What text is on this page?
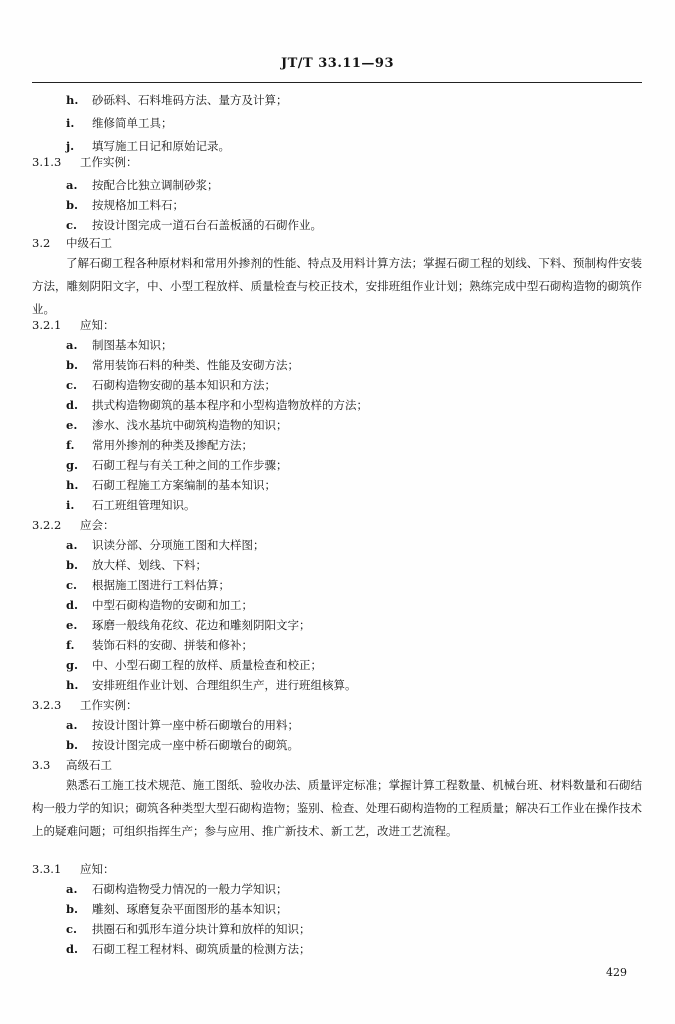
JT/T 33.11—93
h. 砂砾料、石料堆码方法、量方及计算；
i. 维修简单工具；
j. 填写施工日记和原始记录。
3.1.3 工作实例：
a. 按配合比独立调制砂浆；
b. 按规格加工料石；
c. 按设计图完成一道石台石盖板涵的石砌作业。
3.2 中级石工
了解石砌工程各种原材料和常用外掺剂的性能、特点及用料计算方法；掌握石砌工程的划线、下料、预制构件安装方法，雕刻阴阳文字，中、小型工程放样、质量检查与校正技术，安排班组作业计划；熟练完成中型石砌构造物的砌筑作业。
3.2.1 应知：
a. 制图基本知识；
b. 常用装饰石料的种类、性能及安砌方法；
c. 石砌构造物安砌的基本知识和方法；
d. 拱式构造物砌筑的基本程序和小型构造物放样的方法；
e. 渗水、浅水基坑中砌筑构造物的知识；
f. 常用外掺剂的种类及掺配方法；
g. 石砌工程与有关工种之间的工作步骤；
h. 石砌工程施工方案编制的基本知识；
i. 石工班组管理知识。
3.2.2 应会：
a. 识读分部、分项施工图和大样图；
b. 放大样、划线、下料；
c. 根据施工图进行工料估算；
d. 中型石砌构造物的安砌和加工；
e. 琢磨一般线角花纹、花边和雕刻阴阳文字；
f. 装饰石料的安砌、拼装和修补；
g. 中、小型石砌工程的放样、质量检查和校正；
h. 安排班组作业计划、合理组织生产，进行班组核算。
3.2.3 工作实例：
a. 按设计图计算一座中桥石砌墩台的用料；
b. 按设计图完成一座中桥石砌墩台的砌筑。
3.3 高级石工
熟悉石工施工技术规范、施工图纸、验收办法、质量评定标准；掌握计算工程数量、机械台班、材料数量和石砌结构一般力学的知识；砌筑各种类型大型石砌构造物；鉴别、检查、处理石砌构造物的工程质量；解决石工作业在操作技术上的疑难问题；可组织指挥生产；参与应用、推广新技术、新工艺，改进工艺流程。
3.3.1 应知：
a. 石砌构造物受力情况的一般力学知识；
b. 雕刻、琢磨复杂平面图形的基本知识；
c. 拱圈石和弧形车道分块计算和放样的知识；
d. 石砌工程工程材料、砌筑质量的检测方法；
429
